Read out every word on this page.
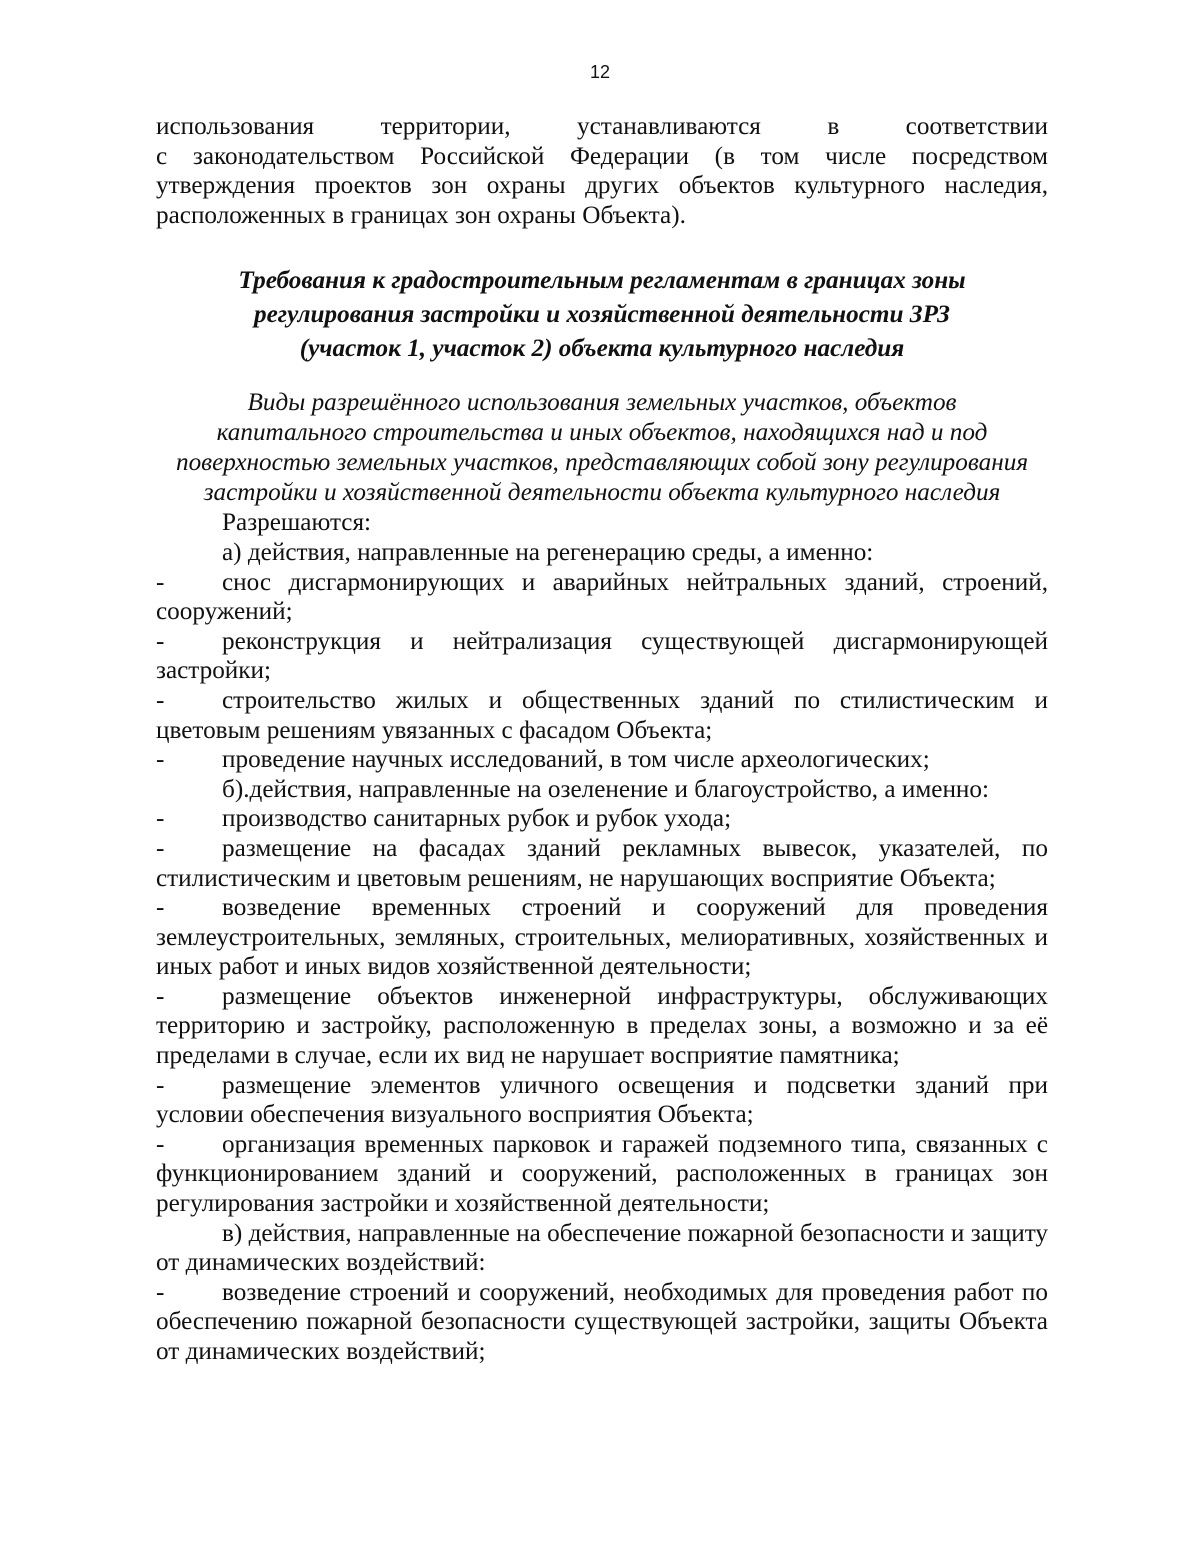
12

использования территории, устанавливаются в соответствии

с законодательством Российской Федерации (в том числе посредством утверждения проектов зон охраны других объектов культурного наследия, расположенных в границах зон охраны Объекта).

Требования к градостроительным регламентам в границах зоны
регулирования застройки и хозяйственной деятельности ЗРЗ
(участок 1, участок 2) объекта культурного наследия
Виды разрешённого использования земельных участков, объектов
капитального строительства и иных объектов, находящихся над и под
поверхностью земельных участков, представляющих собой зону регулирования
застройки и хозяйственной деятельности объекта культурного наследия

Разрешаются:

а) действия, направленные на регенерацию среды, а именно:

- снос дисгармонирующих и аварийных нейтральных зданий, строений, сооружений;

- реконструкция и нейтрализация существующей дисгармонирующей застройки;

- строительство жилых и общественных зданий по стилистическим и цветовым решениям увязанных с фасадом Объекта;

- проведение научных исследований, в том числе археологических;

б).действия, направленные на озеленение и благоустройство, а именно:

- производство санитарных рубок и рубок ухода;

- размещение на фасадах зданий рекламных вывесок, указателей, по стилистическим и цветовым решениям, не нарушающих восприятие Объекта;

- возведение временных строений и сооружений для проведения землеустроительных, земляных, строительных, мелиоративных, хозяйственных и иных работ и иных видов хозяйственной деятельности;

- размещение объектов инженерной инфраструктуры, обслуживающих территорию и застройку, расположенную в пределах зоны, а возможно и за её пределами в случае, если их вид не нарушает восприятие памятника;

- размещение элементов уличного освещения и подсветки зданий при условии обеспечения визуального восприятия Объекта;

- организация временных парковок и гаражей подземного типа, связанных с функционированием зданий и сооружений, расположенных в границах зон регулирования застройки и хозяйственной деятельности;

в) действия, направленные на обеспечение пожарной безопасности и защиту от динамических воздействий:

- возведение строений и сооружений, необходимых для проведения работ по обеспечению пожарной безопасности существующей застройки, защиты Объекта от динамических воздействий;
